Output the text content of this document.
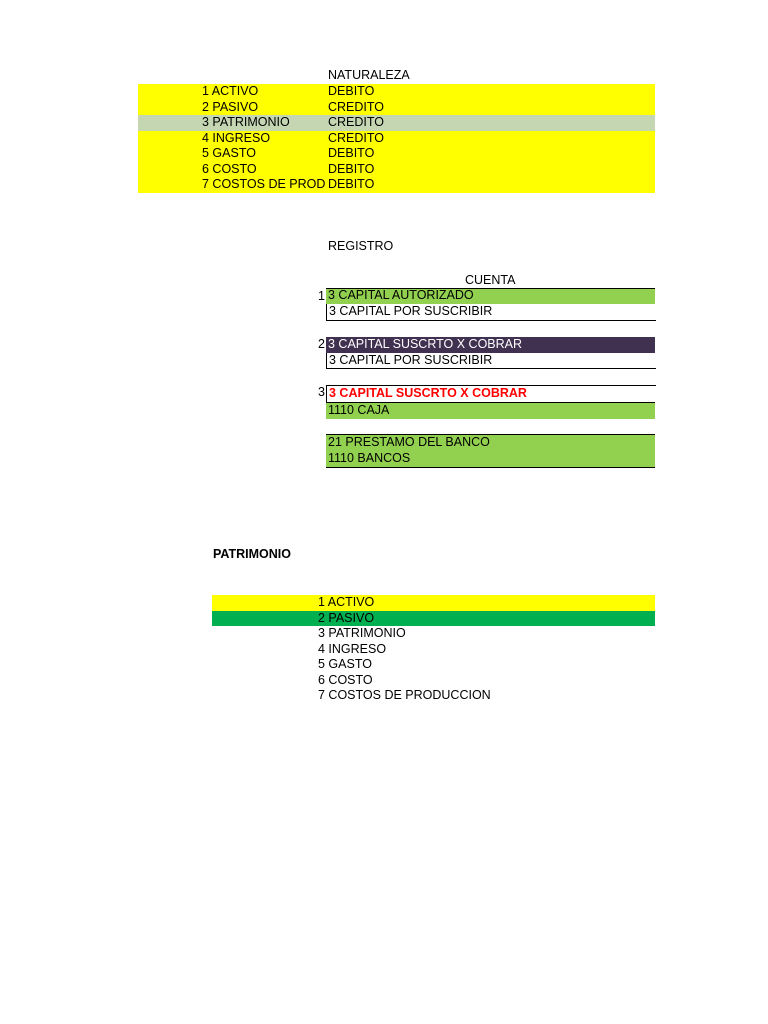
NATURALEZA
1 ACTIVO	DEBITO
2 PASIVO	CREDITO
3 PATRIMONIO	CREDITO
4 INGRESO	CREDITO
5 GASTO	DEBITO
6 COSTO	DEBITO
7 COSTOS DE PROD DEBITO
REGISTRO
CUENTA
1 3 CAPITAL AUTORIZADO
3 CAPITAL POR SUSCRIBIR
2 3 CAPITAL SUSCRTO X COBRAR
3 CAPITAL POR SUSCRIBIR
3 3 CAPITAL SUSCRTO X COBRAR
1110 CAJA
21 PRESTAMO DEL BANCO
1110 BANCOS
PATRIMONIO
1 ACTIVO
2 PASIVO
3 PATRIMONIO
4 INGRESO
5 GASTO
6 COSTO
7 COSTOS DE PRODUCCION
